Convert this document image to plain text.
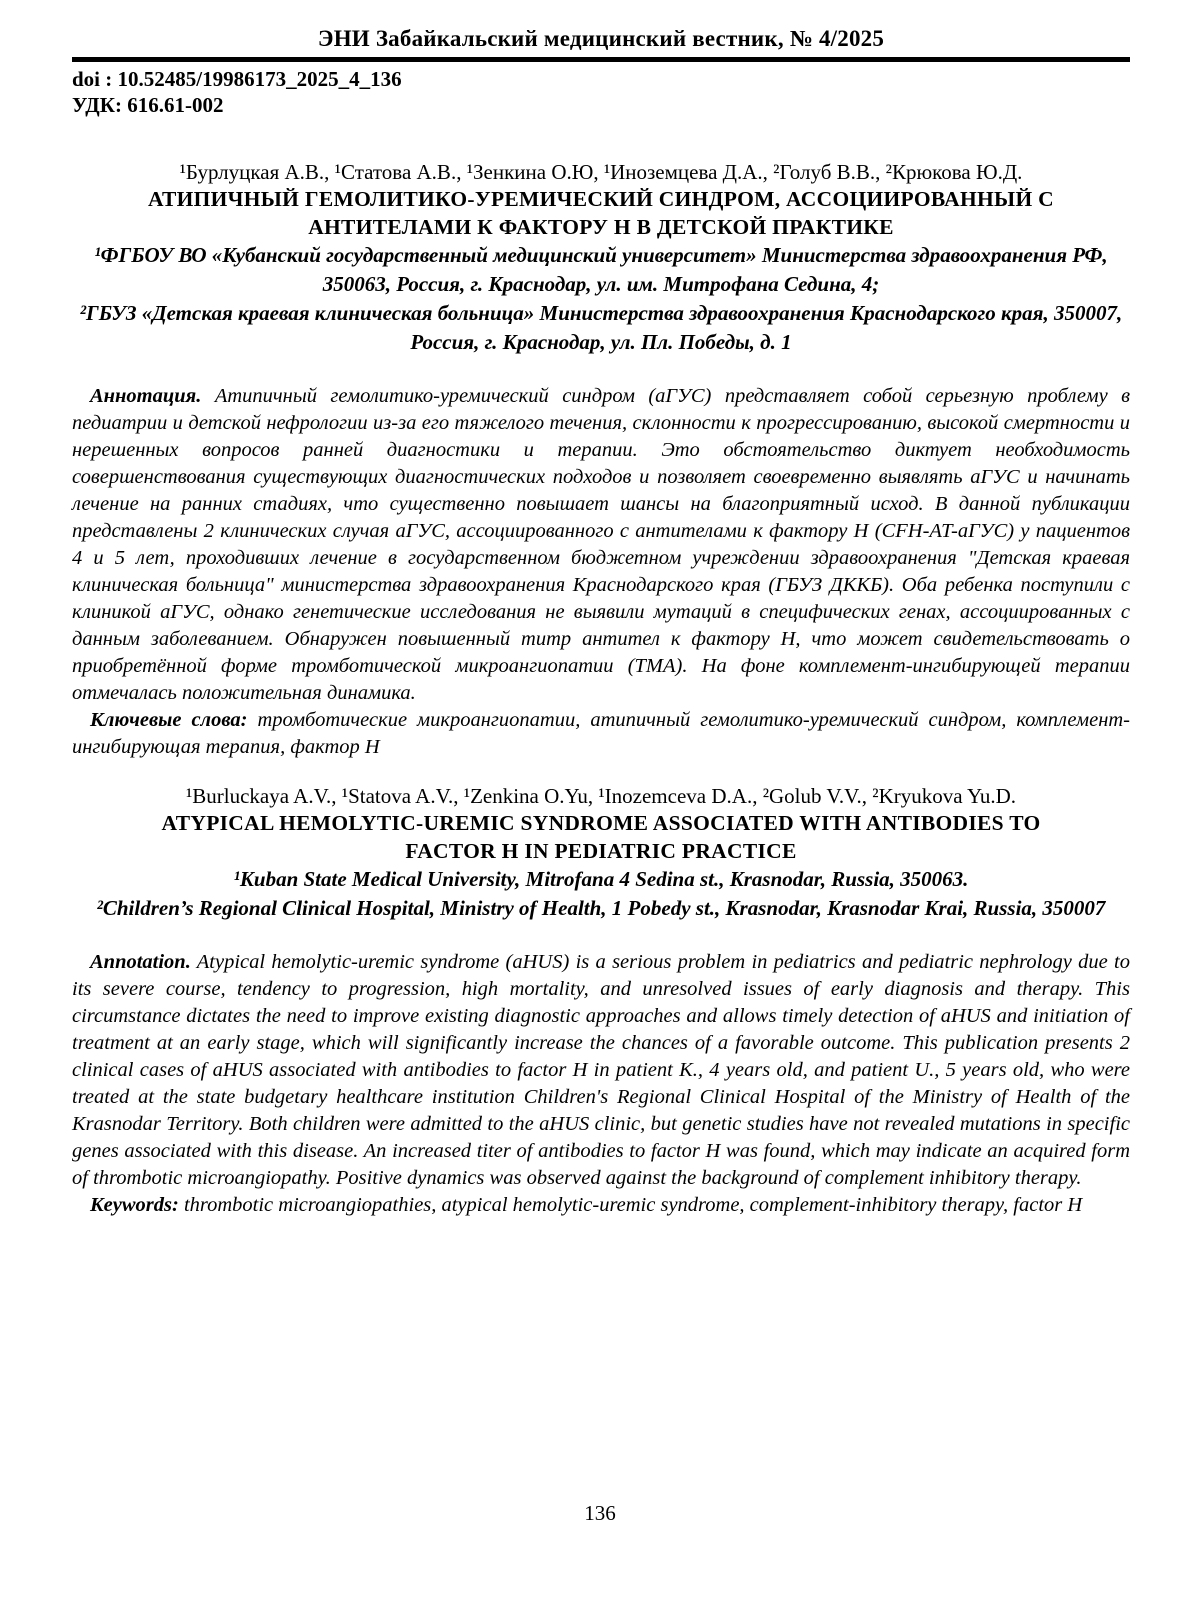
ЭНИ Забайкальский медицинский вестник, № 4/2025
doi : 10.52485/19986173_2025_4_136
УДК: 616.61-002
¹Бурлуцкая А.В., ¹Статова А.В., ¹Зенкина О.Ю, ¹Иноземцева Д.А., ²Голуб В.В., ²Крюкова Ю.Д.
АТИПИЧНЫЙ ГЕМОЛИТИКО-УРЕМИЧЕСКИЙ СИНДРОМ, АССОЦИИРОВАННЫЙ С
АНТИТЕЛАМИ К ФАКТОРУ H В ДЕТСКОЙ ПРАКТИКЕ
¹ФГБОУ ВО «Кубанский государственный медицинский университет» Министерства здравоохранения РФ, 350063, Россия, г. Краснодар, ул. им. Митрофана Седина, 4;
²ГБУЗ «Детская краевая клиническая больница» Министерства здравоохранения Краснодарского края, 350007, Россия, г. Краснодар, ул. Пл. Победы, д. 1
Аннотация. Атипичный гемолитико-уремический синдром (аГУС) представляет собой серьезную проблему в педиатрии и детской нефрологии из-за его тяжелого течения, склонности к прогрессированию, высокой смертности и нерешенных вопросов ранней диагностики и терапии. Это обстоятельство диктует необходимость совершенствования существующих диагностических подходов и позволяет своевременно выявлять аГУС и начинать лечение на ранних стадиях, что существенно повышает шансы на благоприятный исход. В данной публикации представлены 2 клинических случая аГУС, ассоциированного с антителами к фактору H (CFH-AT-аГУС) у пациентов 4 и 5 лет, проходивших лечение в государственном бюджетном учреждении здравоохранения "Детская краевая клиническая больница" министерства здравоохранения Краснодарского края (ГБУЗ ДККБ). Оба ребенка поступили с клиникой аГУС, однако генетические исследования не выявили мутаций в специфических генах, ассоциированных с данным заболеванием. Обнаружен повышенный титр антител к фактору H, что может свидетельствовать о приобретённой форме тромботической микроангиопатии (ТМА). На фоне комплемент-ингибирующей терапии отмечалась положительная динамика.
Ключевые слова: тромботические микроангиопатии, атипичный гемолитико-уремический синдром, комплемент-ингибирующая терапия, фактор H
¹Burluckaya A.V., ¹Statova A.V., ¹Zenkina O.Yu, ¹Inozemceva D.A., ²Golub V.V., ²Kryukova Yu.D.
ATYPICAL HEMOLYTIC-UREMIC SYNDROME ASSOCIATED WITH ANTIBODIES TO
FACTOR H IN PEDIATRIC PRACTICE
¹Kuban State Medical University, Mitrofana 4 Sedina st., Krasnodar, Russia, 350063.
²Children’s Regional Clinical Hospital, Ministry of Health, 1 Pobedy st., Krasnodar, Krasnodar Krai, Russia, 350007
Annotation. Atypical hemolytic-uremic syndrome (aHUS) is a serious problem in pediatrics and pediatric nephrology due to its severe course, tendency to progression, high mortality, and unresolved issues of early diagnosis and therapy. This circumstance dictates the need to improve existing diagnostic approaches and allows timely detection of aHUS and initiation of treatment at an early stage, which will significantly increase the chances of a favorable outcome. This publication presents 2 clinical cases of aHUS associated with antibodies to factor H in patient K., 4 years old, and patient U., 5 years old, who were treated at the state budgetary healthcare institution Children's Regional Clinical Hospital of the Ministry of Health of the Krasnodar Territory. Both children were admitted to the aHUS clinic, but genetic studies have not revealed mutations in specific genes associated with this disease. An increased titer of antibodies to factor H was found, which may indicate an acquired form of thrombotic microangiopathy. Positive dynamics was observed against the background of complement inhibitory therapy.
Keywords: thrombotic microangiopathies, atypical hemolytic-uremic syndrome, complement-inhibitory therapy, factor H
136
